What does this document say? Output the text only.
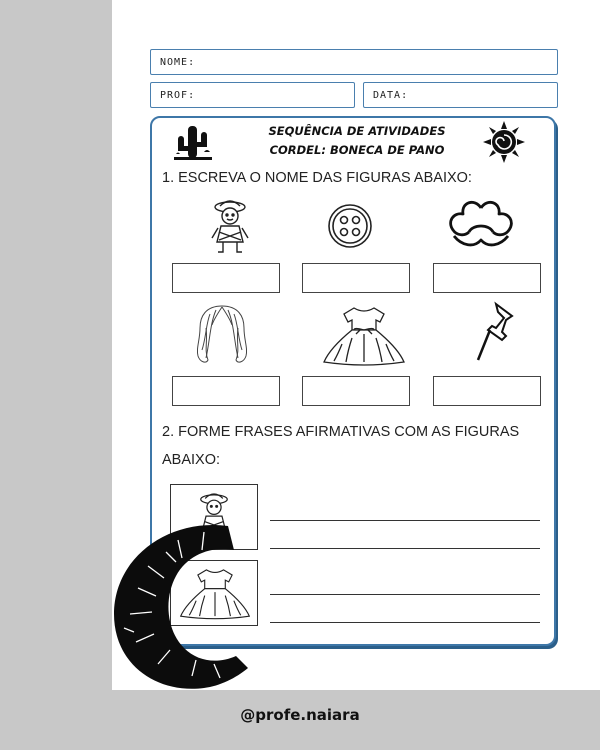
NOME:
PROF:	DATA:
SEQUÊNCIA DE ATIVIDADES
CORDEL: BONECA DE PANO
1. ESCREVA O NOME DAS FIGURAS ABAIXO:
2. FORME FRASES AFIRMATIVAS COM AS FIGURAS
ABAIXO:
@profe.naiara
